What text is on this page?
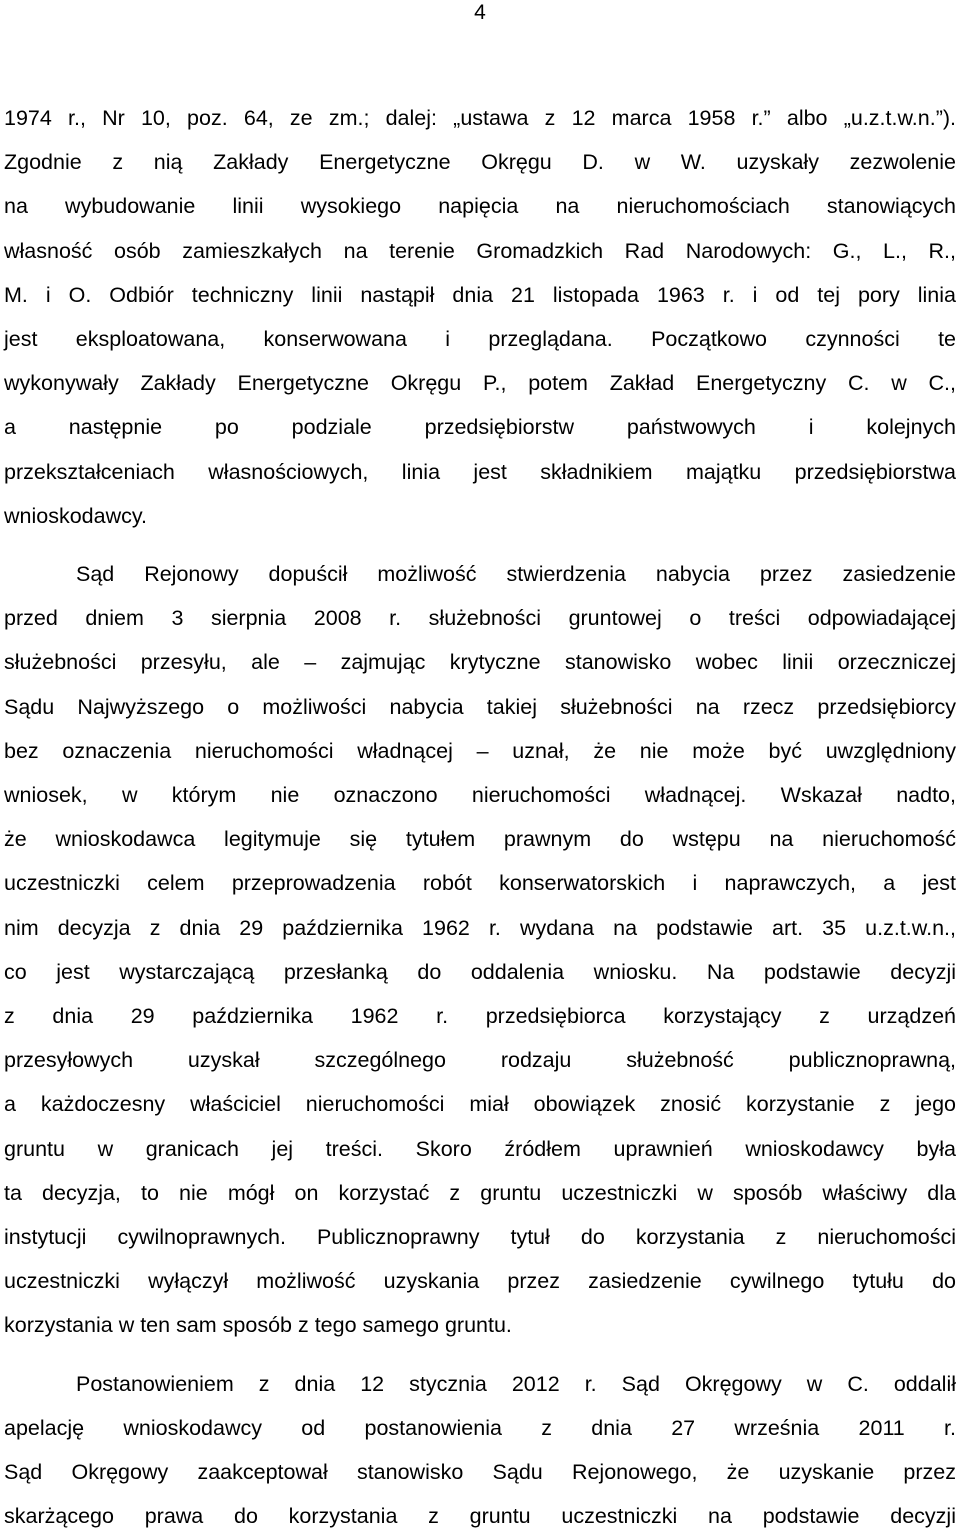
4
1974 r., Nr 10, poz. 64, ze zm.; dalej: „ustawa z 12 marca 1958 r.” albo „u.z.t.w.n.”).
Zgodnie z nią Zakłady Energetyczne Okręgu D. w W. uzyskały zezwolenie
na wybudowanie linii wysokiego napięcia na nieruchomościach stanowiących
własność osób zamieszkałych na terenie Gromadzkich Rad Narodowych: G., L., R.,
M. i O. Odbiór techniczny linii nastąpił dnia 21 listopada 1963 r. i od tej pory linia
jest eksploatowana, konserwowana i przeglądana. Początkowo czynności te
wykonywały Zakłady Energetyczne Okręgu P., potem Zakład Energetyczny C. w C.,
a następnie po podziale przedsiębiorstw państwowych i kolejnych
przekształceniach własnościowych, linia jest składnikiem majątku przedsiębiorstwa
wnioskodawcy.
Sąd Rejonowy dopuścił możliwość stwierdzenia nabycia przez zasiedzenie
przed dniem 3 sierpnia 2008 r. służebności gruntowej o treści odpowiadającej
służebności przesyłu, ale – zajmując krytyczne stanowisko wobec linii orzeczniczej
Sądu Najwyższego o możliwości nabycia takiej służebności na rzecz przedsiębiorcy
bez oznaczenia nieruchomości władnącej – uznał, że nie może być uwzględniony
wniosek, w którym nie oznaczono nieruchomości władnącej. Wskazał nadto,
że wnioskodawca legitymuje się tytułem prawnym do wstępu na nieruchomość
uczestniczki celem przeprowadzenia robót konserwatorskich i naprawczych, a jest
nim decyzja z dnia 29 października 1962 r. wydana na podstawie art. 35 u.z.t.w.n.,
co jest wystarczającą przesłanką do oddalenia wniosku. Na podstawie decyzji
z dnia 29 października 1962 r. przedsiębiorca korzystający z urządzeń
przesyłowych uzyskał szczególnego rodzaju służebność publicznoprawną,
a każdoczesny właściciel nieruchomości miał obowiązek znosić korzystanie z jego
gruntu w granicach jej treści. Skoro źródłem uprawnień wnioskodawcy była
ta decyzja, to nie mógł on korzystać z gruntu uczestniczki w sposób właściwy dla
instytucji cywilnoprawnych. Publicznoprawny tytuł do korzystania z nieruchomości
uczestniczki wyłączył możliwość uzyskania przez zasiedzenie cywilnego tytułu do
korzystania w ten sam sposób z tego samego gruntu.
Postanowieniem z dnia 12 stycznia 2012 r. Sąd Okręgowy w C. oddalił
apelację wnioskodawcy od postanowienia z dnia 27 września 2011 r.
Sąd Okręgowy zaakceptował stanowisko Sądu Rejonowego, że uzyskanie przez
skarżącego prawa do korzystania z gruntu uczestniczki na podstawie decyzji
